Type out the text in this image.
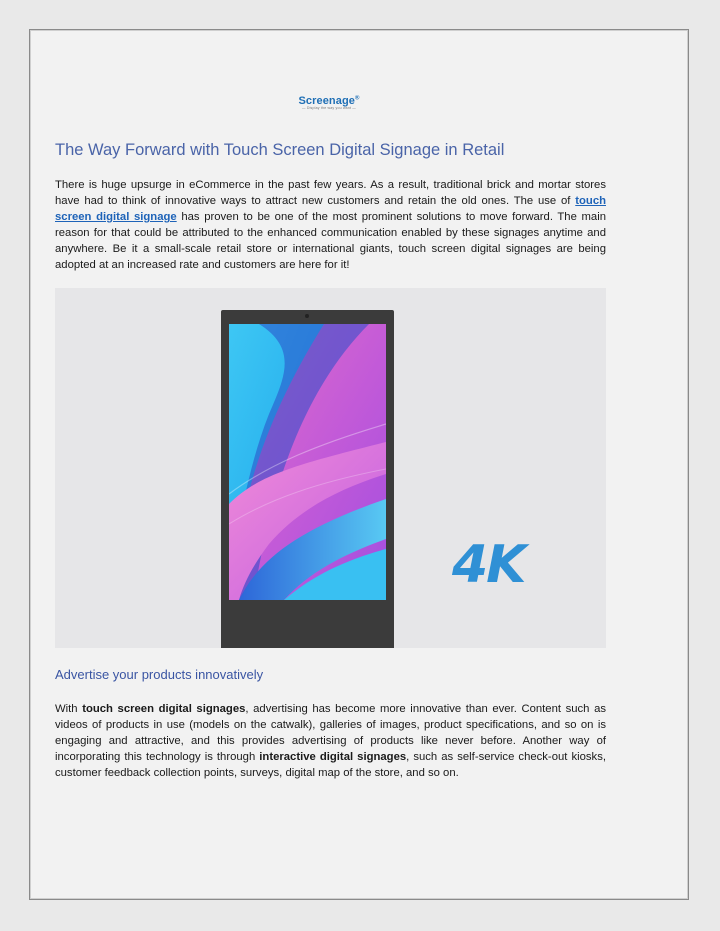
Screenage®
— Display the way you want —
The Way Forward with Touch Screen Digital Signage in Retail

There is huge upsurge in eCommerce in the past few years. As a result, traditional brick and mortar stores have had to think of innovative ways to attract new customers and retain the old ones. The use of touch screen digital signage has proven to be one of the most prominent solutions to move forward. The main reason for that could be attributed to the enhanced communication enabled by these signages anytime and anywhere. Be it a small-scale retail store or international giants, touch screen digital signages are being adopted at an increased rate and customers are here for it!

4K
Advertise your products innovatively

With touch screen digital signages, advertising has become more innovative than ever. Content such as videos of products in use (models on the catwalk), galleries of images, product specifications, and so on is engaging and attractive, and this provides advertising of products like never before. Another way of incorporating this technology is through interactive digital signages, such as self-service check-out kiosks, customer feedback collection points, surveys, digital map of the store, and so on.
